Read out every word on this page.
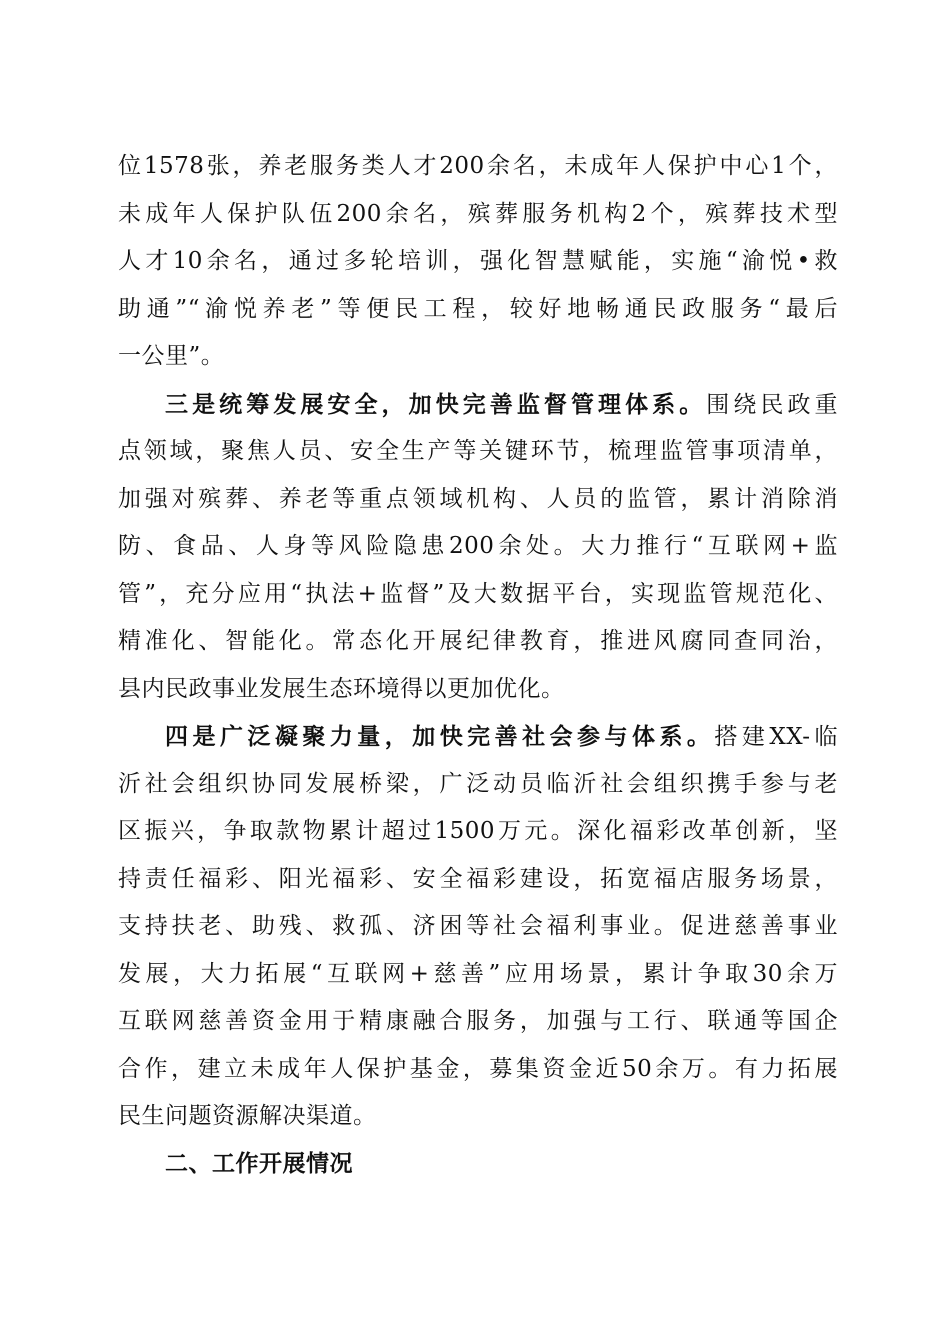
位1578张，养老服务类人才200余名，未成年人保护中心1个，
未成年人保护队伍200余名，殡葬服务机构2个，殡葬技术型
人才10余名，通过多轮培训，强化智慧赋能，实施“渝悦•救
助通”“渝悦养老”等便民工程，较好地畅通民政服务“最后
一公里”。
三是统筹发展安全，加快完善监督管理体系。围绕民政重
点领域，聚焦人员、安全生产等关键环节，梳理监管事项清单，
加强对殡葬、养老等重点领域机构、人员的监管，累计消除消
防、食品、人身等风险隐患200余处。大力推行“互联网+监
管”，充分应用“执法+监督”及大数据平台，实现监管规范化、
精准化、智能化。常态化开展纪律教育，推进风腐同查同治，
县内民政事业发展生态环境得以更加优化。
四是广泛凝聚力量，加快完善社会参与体系。搭建XX-临
沂社会组织协同发展桥梁，广泛动员临沂社会组织携手参与老
区振兴，争取款物累计超过1500万元。深化福彩改革创新，坚
持责任福彩、阳光福彩、安全福彩建设，拓宽福店服务场景，
支持扶老、助残、救孤、济困等社会福利事业。促进慈善事业
发展，大力拓展“互联网+慈善”应用场景，累计争取30余万
互联网慈善资金用于精康融合服务，加强与工行、联通等国企
合作，建立未成年人保护基金，募集资金近50余万。有力拓展
民生问题资源解决渠道。
二、工作开展情况
